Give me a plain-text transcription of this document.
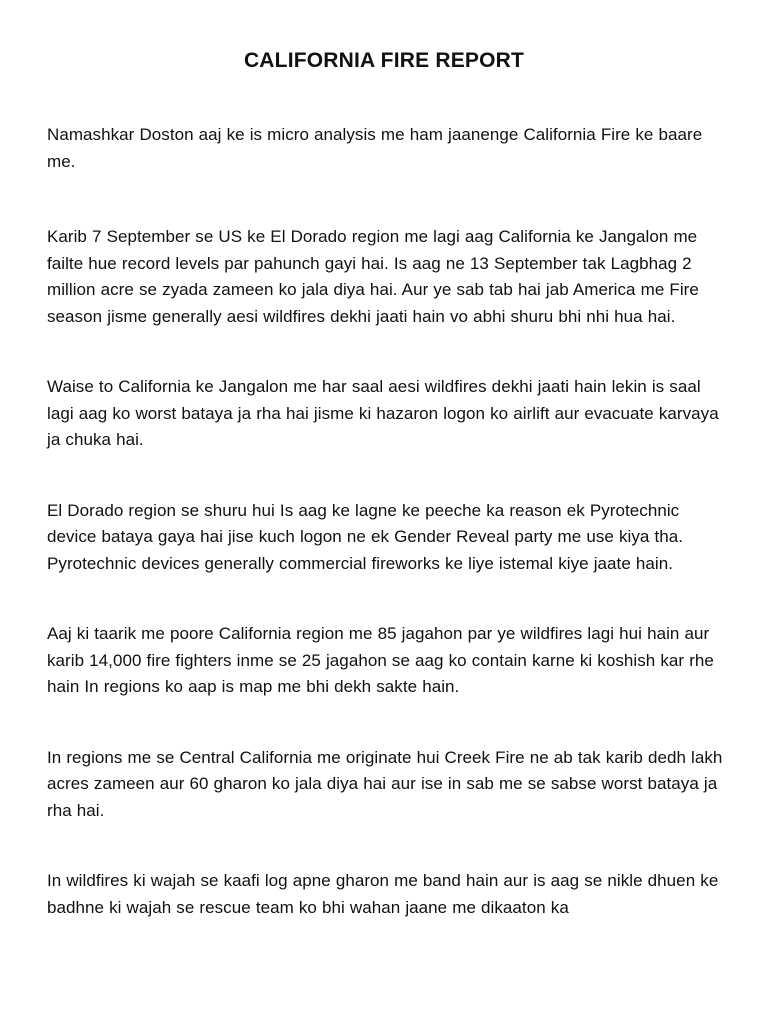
CALIFORNIA FIRE REPORT

Namashkar Doston aaj ke is micro analysis me ham jaanenge California Fire ke baare me.

Karib 7 September se US ke El Dorado region me lagi aag California ke Jangalon me failte hue record levels par pahunch gayi hai. Is aag ne 13 September tak Lagbhag 2 million acre se zyada zameen ko jala diya hai. Aur ye sab tab hai jab America me Fire season jisme generally aesi wildfires dekhi jaati hain vo abhi shuru bhi nhi hua hai.

Waise to California ke Jangalon me har saal aesi wildfires dekhi jaati hain lekin is saal lagi aag ko worst bataya ja rha hai jisme ki hazaron logon ko airlift aur evacuate karvaya ja chuka hai.

El Dorado region se shuru hui Is aag ke lagne ke peeche ka reason ek Pyrotechnic device bataya gaya hai jise kuch logon ne ek Gender Reveal party me use kiya tha. Pyrotechnic devices generally commercial fireworks ke liye istemal kiye jaate hain.

Aaj ki taarik me poore California region me 85 jagahon par ye wildfires lagi hui hain aur karib 14,000 fire fighters inme se 25 jagahon se aag ko contain karne ki koshish kar rhe hain In regions ko aap is map me bhi dekh sakte hain.

In regions me se Central California me originate hui Creek Fire ne ab tak karib dedh lakh acres zameen aur 60 gharon ko jala diya hai aur ise in sab me se sabse worst bataya ja rha hai.

In wildfires ki wajah se kaafi log apne gharon me band hain aur is aag se nikle dhuen ke badhne ki wajah se rescue team ko bhi wahan jaane me dikaaton ka
